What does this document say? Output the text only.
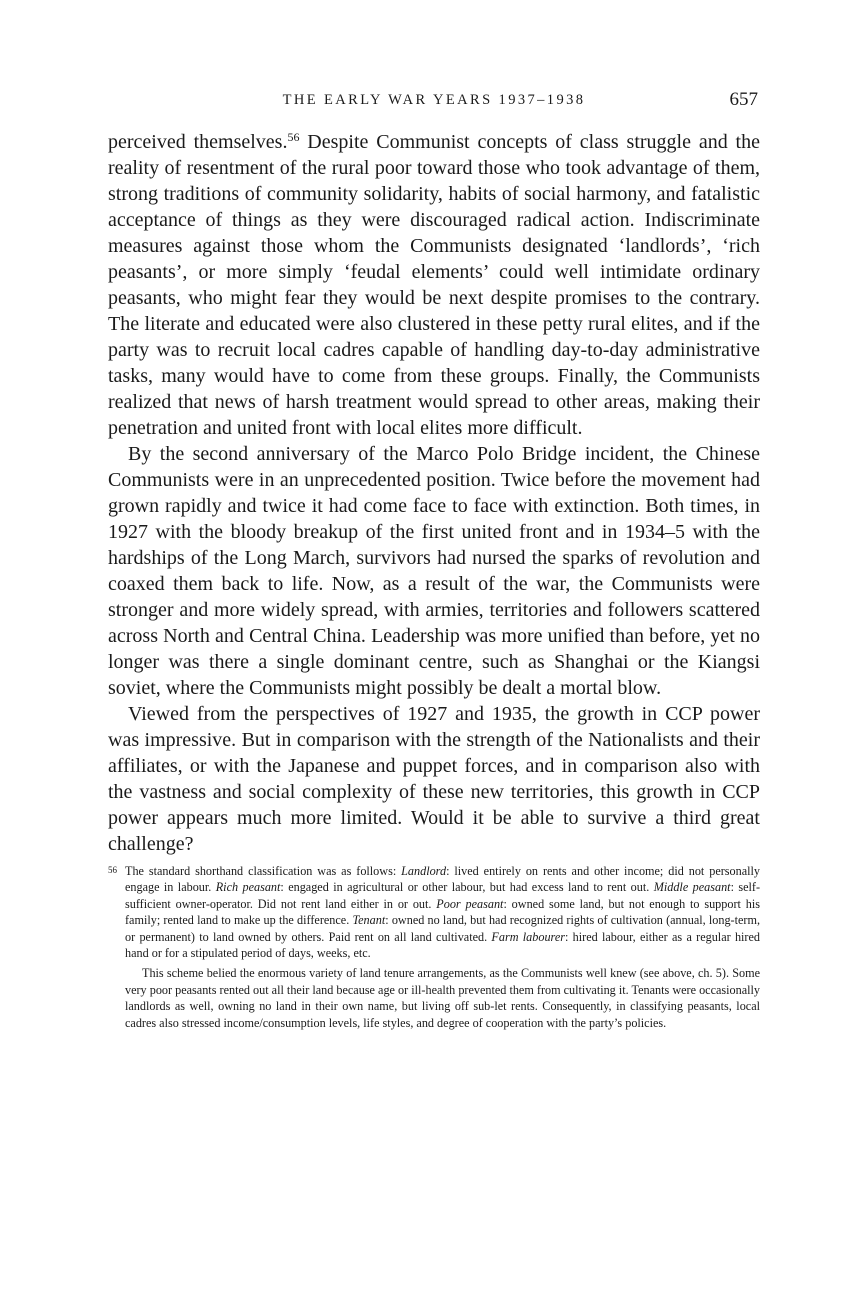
THE EARLY WAR YEARS 1937–1938	657

perceived themselves.$^{56}$ Despite Communist concepts of class struggle and the reality of resentment of the rural poor toward those who took advantage of them, strong traditions of community solidarity, habits of social harmony, and fatalistic acceptance of things as they were discouraged radical action. Indiscriminate measures against those whom the Communists designated ‘landlords’, ‘rich peasants’, or more simply ‘feudal elements’ could well intimidate ordinary peasants, who might fear they would be next despite promises to the contrary. The literate and educated were also clustered in these petty rural elites, and if the party was to recruit local cadres capable of handling day-to-day administrative tasks, many would have to come from these groups. Finally, the Communists realized that news of harsh treatment would spread to other areas, making their penetration and united front with local elites more difficult.

By the second anniversary of the Marco Polo Bridge incident, the Chinese Communists were in an unprecedented position. Twice before the movement had grown rapidly and twice it had come face to face with extinction. Both times, in 1927 with the bloody breakup of the first united front and in 1934–5 with the hardships of the Long March, survivors had nursed the sparks of revolution and coaxed them back to life. Now, as a result of the war, the Communists were stronger and more widely spread, with armies, territories and followers scattered across North and Central China. Leadership was more unified than before, yet no longer was there a single dominant centre, such as Shanghai or the Kiangsi soviet, where the Communists might possibly be dealt a mortal blow.

Viewed from the perspectives of 1927 and 1935, the growth in CCP power was impressive. But in comparison with the strength of the Nationalists and their affiliates, or with the Japanese and puppet forces, and in comparison also with the vastness and social complexity of these new territories, this growth in CCP power appears much more limited. Would it be able to survive a third great challenge?

56 The standard shorthand classification was as follows: Landlord: lived entirely on rents and other income; did not personally engage in labour. Rich peasant: engaged in agricultural or other labour, but had excess land to rent out. Middle peasant: self-sufficient owner-operator. Did not rent land either in or out. Poor peasant: owned some land, but not enough to support his family; rented land to make up the difference. Tenant: owned no land, but had recognized rights of cultivation (annual, long-term, or permanent) to land owned by others. Paid rent on all land cultivated. Farm labourer: hired labour, either as a regular hired hand or for a stipulated period of days, weeks, etc.

This scheme belied the enormous variety of land tenure arrangements, as the Communists well knew (see above, ch. 5). Some very poor peasants rented out all their land because age or ill-health prevented them from cultivating it. Tenants were occasionally landlords as well, owning no land in their own name, but living off sub-let rents. Consequently, in classifying peasants, local cadres also stressed income/consumption levels, life styles, and degree of cooperation with the party’s policies.
